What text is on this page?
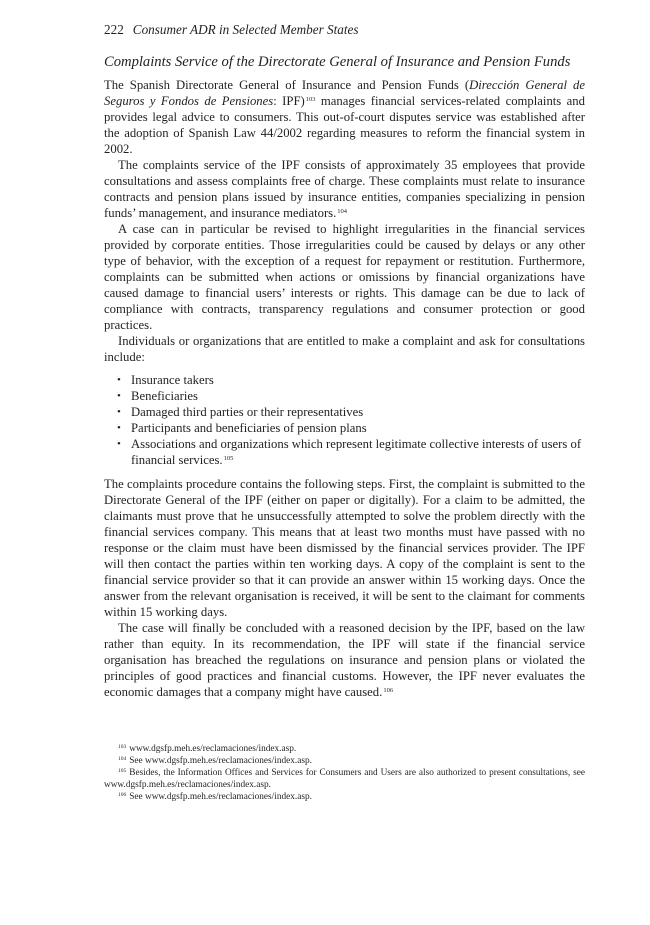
222 Consumer ADR in Selected Member States
Complaints Service of the Directorate General of Insurance and Pension Funds

The Spanish Directorate General of Insurance and Pension Funds (Dirección General de Seguros y Fondos de Pensiones: IPF)$^{103}$ manages financial services-related complaints and provides legal advice to consumers. This out-of-court disputes service was established after the adoption of Spanish Law 44/2002 regarding measures to reform the financial system in 2002.

The complaints service of the IPF consists of approximately 35 employees that provide consultations and assess complaints free of charge. These complaints must relate to insurance contracts and pension plans issued by insurance entities, companies specializing in pension funds’ management, and insurance mediators.$^{104}$

A case can in particular be revised to highlight irregularities in the financial services provided by corporate entities. Those irregularities could be caused by delays or any other type of behavior, with the exception of a request for repayment or restitution. Furthermore, complaints can be submitted when actions or omissions by financial organizations have caused damage to financial users’ interests or rights. This damage can be due to lack of compliance with contracts, transparency regulations and consumer protection or good practices.

Individuals or organizations that are entitled to make a complaint and ask for consultations include:

• Insurance takers
• Beneficiaries
• Damaged third parties or their representatives
• Participants and beneficiaries of pension plans
• Associations and organizations which represent legitimate collective interests of users of financial services.$^{105}$

The complaints procedure contains the following steps. First, the complaint is submitted to the Directorate General of the IPF (either on paper or digitally). For a claim to be admitted, the claimants must prove that he unsuccessfully attempted to solve the problem directly with the financial services company. This means that at least two months must have passed with no response or the claim must have been dismissed by the financial services provider. The IPF will then contact the parties within ten working days. A copy of the complaint is sent to the financial service provider so that it can provide an answer within 15 working days. Once the answer from the relevant organisation is received, it will be sent to the claimant for comments within 15 working days.

The case will finally be concluded with a reasoned decision by the IPF, based on the law rather than equity. In its recommendation, the IPF will state if the financial service organisation has breached the regulations on insurance and pension plans or violated the principles of good practices and financial customs. However, the IPF never evaluates the economic damages that a company might have caused.$^{106}$

$^{103}$ www.dgsfp.meh.es/reclamaciones/index.asp.
$^{104}$ See www.dgsfp.meh.es/reclamaciones/index.asp.
$^{105}$ Besides, the Information Offices and Services for Consumers and Users are also authorized to present consultations, see www.dgsfp.meh.es/reclamaciones/index.asp.
$^{106}$ See www.dgsfp.meh.es/reclamaciones/index.asp.
